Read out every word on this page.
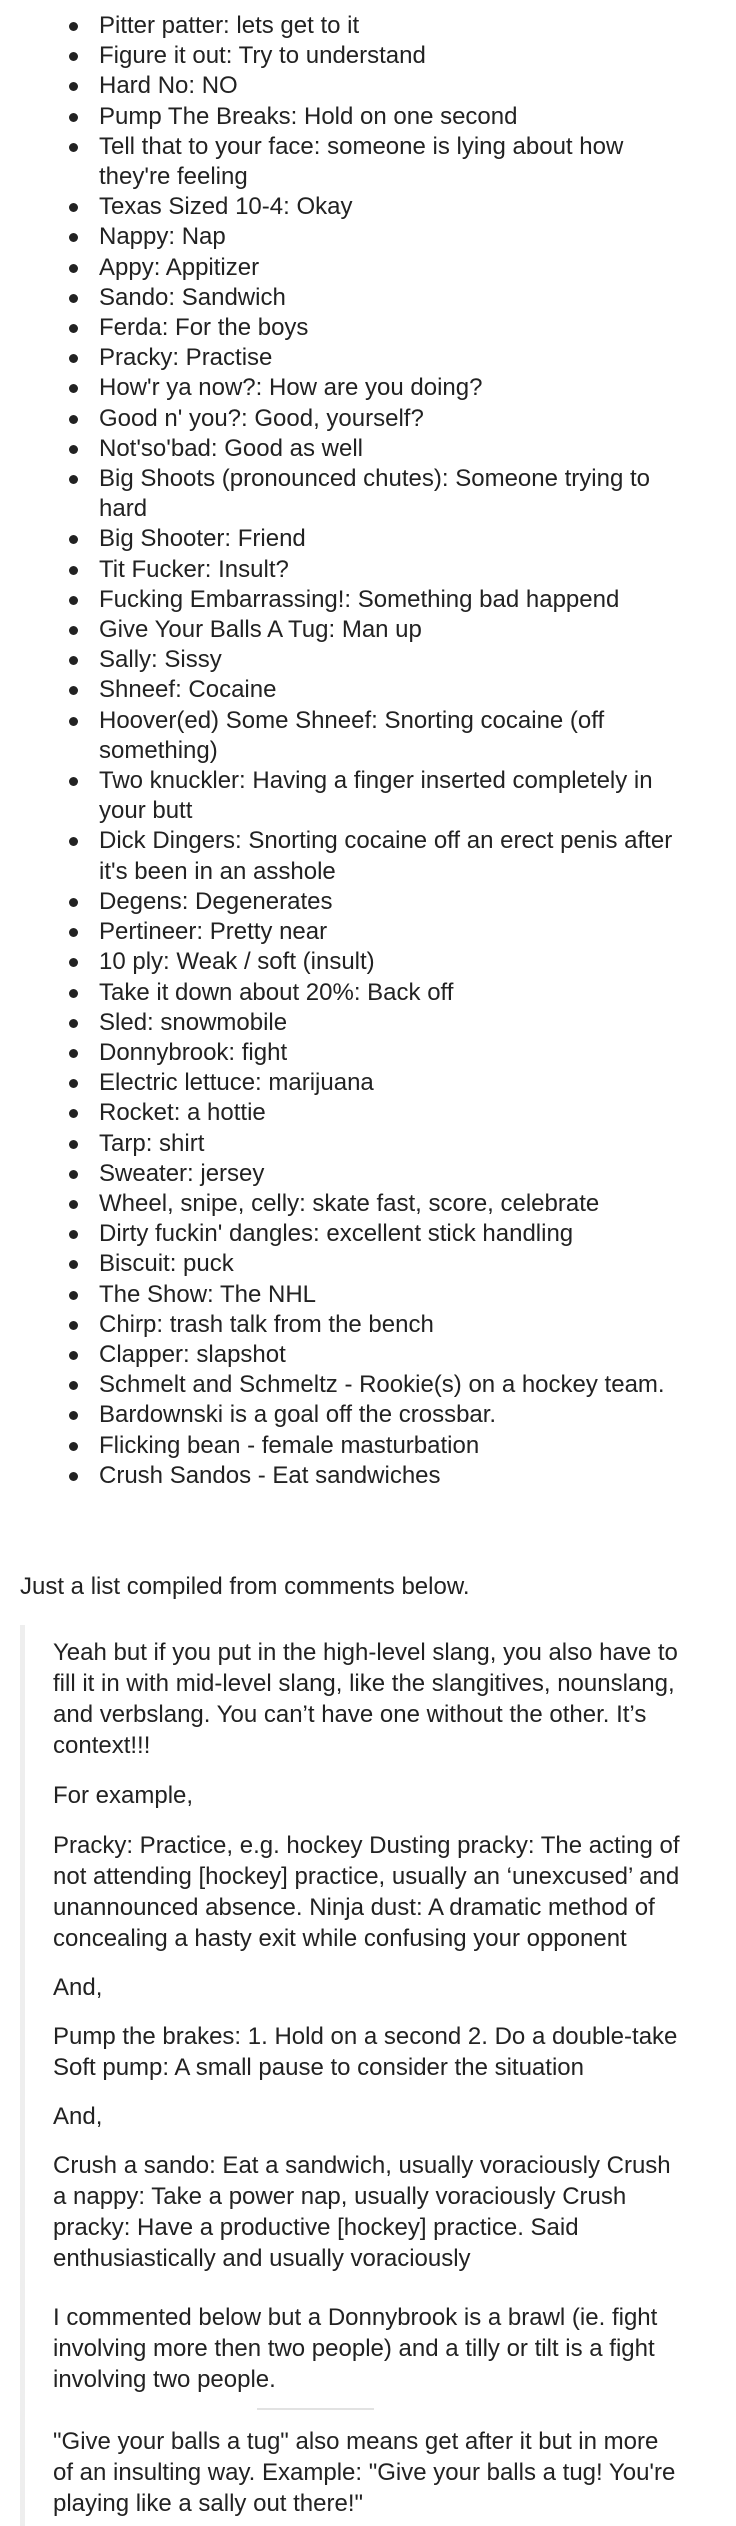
Pitter patter: lets get to it
Figure it out: Try to understand
Hard No: NO
Pump The Breaks: Hold on one second
Tell that to your face: someone is lying about how
they're feeling
Texas Sized 10-4: Okay
Nappy: Nap
Appy: Appitizer
Sando: Sandwich
Ferda: For the boys
Pracky: Practise
How'r ya now?: How are you doing?
Good n' you?: Good, yourself?
Not'so'bad: Good as well
Big Shoots (pronounced chutes): Someone trying to
hard
Big Shooter: Friend
Tit Fucker: Insult?
Fucking Embarrassing!: Something bad happend
Give Your Balls A Tug: Man up
Sally: Sissy
Shneef: Cocaine
Hoover(ed) Some Shneef: Snorting cocaine (off
something)
Two knuckler: Having a finger inserted completely in
your butt
Dick Dingers: Snorting cocaine off an erect penis after
it's been in an asshole
Degens: Degenerates
Pertineer: Pretty near
10 ply: Weak / soft (insult)
Take it down about 20%: Back off
Sled: snowmobile
Donnybrook: fight
Electric lettuce: marijuana
Rocket: a hottie
Tarp: shirt
Sweater: jersey
Wheel, snipe, celly: skate fast, score, celebrate
Dirty fuckin' dangles: excellent stick handling
Biscuit: puck
The Show: The NHL
Chirp: trash talk from the bench
Clapper: slapshot
Schmelt and Schmeltz - Rookie(s) on a hockey team.
Bardownski is a goal off the crossbar.
Flicking bean - female masturbation
Crush Sandos - Eat sandwiches

Just a list compiled from comments below.

Yeah but if you put in the high-level slang, you also have to
fill it in with mid-level slang, like the slangitives, nounslang,
and verbslang. You can’t have one without the other. It’s
context!!!

For example,

Pracky: Practice, e.g. hockey Dusting pracky: The acting of
not attending [hockey] practice, usually an ‘unexcused’ and
unannounced absence. Ninja dust: A dramatic method of
concealing a hasty exit while confusing your opponent

And,

Pump the brakes: 1. Hold on a second 2. Do a double-take
Soft pump: A small pause to consider the situation

And,

Crush a sando: Eat a sandwich, usually voraciously Crush
a nappy: Take a power nap, usually voraciously Crush
pracky: Have a productive [hockey] practice. Said
enthusiastically and usually voraciously

I commented below but a Donnybrook is a brawl (ie. fight
involving more then two people) and a tilly or tilt is a fight
involving two people.

"Give your balls a tug" also means get after it but in more
of an insulting way. Example: "Give your balls a tug! You're
playing like a sally out there!"
